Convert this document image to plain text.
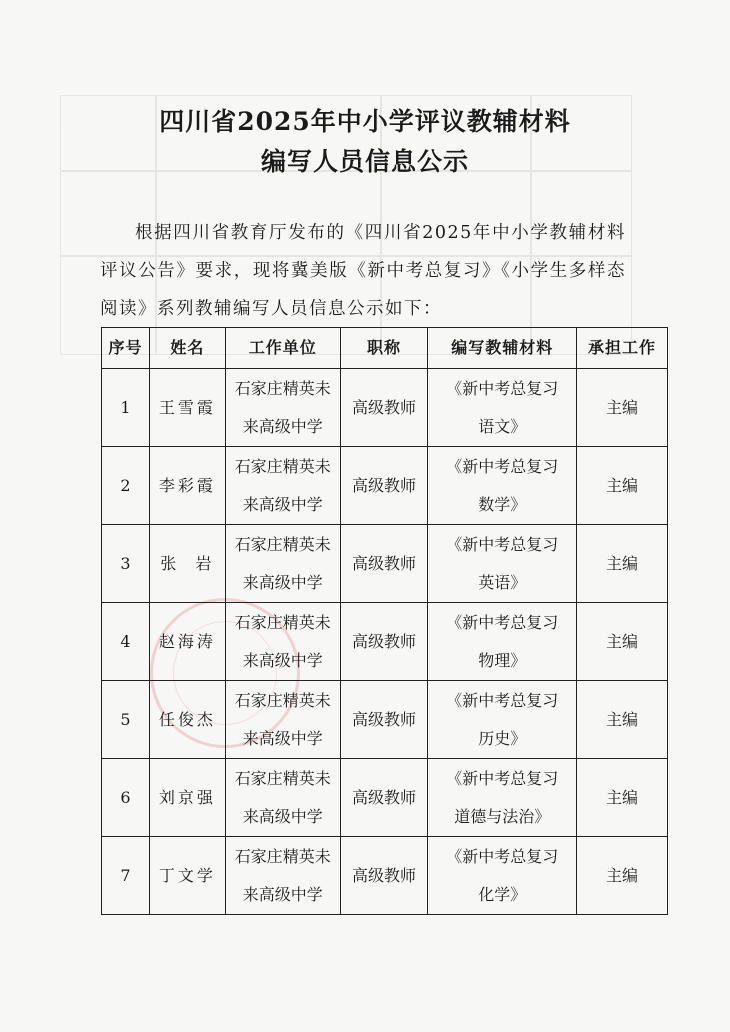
四川省2025年中小学评议教辅材料
编写人员信息公示
根据四川省教育厅发布的《四川省2025年中小学教辅材料评议公告》要求，现将冀美版《新中考总复习》《小学生多样态阅读》系列教辅编写人员信息公示如下：
序号	姓名	工作单位	职称	编写教辅材料	承担工作
1	王雪霞	石家庄精英未
来高级中学	高级教师	《新中考总复习
语文》	主编
2	李彩霞	石家庄精英未
来高级中学	高级教师	《新中考总复习
数学》	主编
3	张  岩	石家庄精英未
来高级中学	高级教师	《新中考总复习
英语》	主编
4	赵海涛	石家庄精英未
来高级中学	高级教师	《新中考总复习
物理》	主编
5	任俊杰	石家庄精英未
来高级中学	高级教师	《新中考总复习
历史》	主编
6	刘京强	石家庄精英未
来高级中学	高级教师	《新中考总复习
道德与法治》	主编
7	丁文学	石家庄精英未
来高级中学	高级教师	《新中考总复习
化学》	主编
